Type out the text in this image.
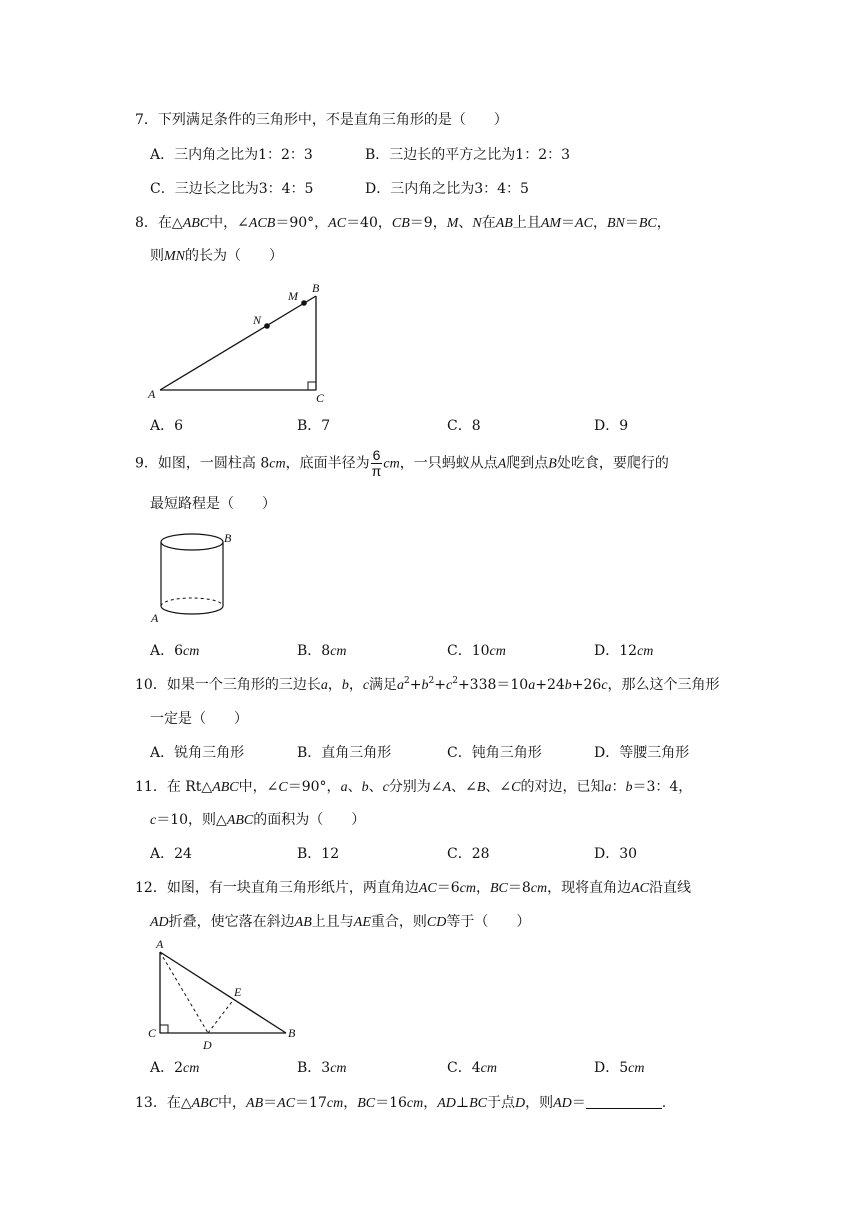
7．下列满足条件的三角形中，不是直角三角形的是（　　）
A．三内角之比为1：2：3	B．三边长的平方之比为1：2：3
C．三边长之比为3：4：5	D．三内角之比为3：4：5
8．在△ABC中，∠ACB＝90°，AC＝40，CB＝9，M、N在AB上且AM＝AC，BN＝BC，
则MN的长为（　　）
A
B
C
M
N
A．6	B．7	C．8	D．9
9．如图，一圆柱高 8cm，底面半径为 $\frac{6}{\pi}$ cm，一只蚂蚁从点A爬到点B处吃食，要爬行的
最短路程是（　　）
B
A
A．6cm	B．8cm	C．10cm	D．12cm
10．如果一个三角形的三边长a，b，c满足$a^2+b^2+c^2+338=10a+24b+26c$，那么这个三角形
一定是（　　）
A．锐角三角形	B．直角三角形	C．钝角三角形	D．等腰三角形
11．在 Rt△ABC中，∠C＝90°，a、b、c分别为∠A、∠B、∠C的对边，已知a：b＝3：4，
c＝10，则△ABC的面积为（　　）
A．24	B．12	C．28	D．30
12．如图，有一块直角三角形纸片，两直角边AC＝6cm，BC＝8cm，现将直角边AC沿直线
AD折叠，使它落在斜边AB上且与AE重合，则CD等于（　　）
A
B
C
D
E
A．2cm	B．3cm	C．4cm	D．5cm
13．在△ABC中，AB＝AC＝17cm，BC＝16cm，AD⊥BC于点D，则AD＝	.
